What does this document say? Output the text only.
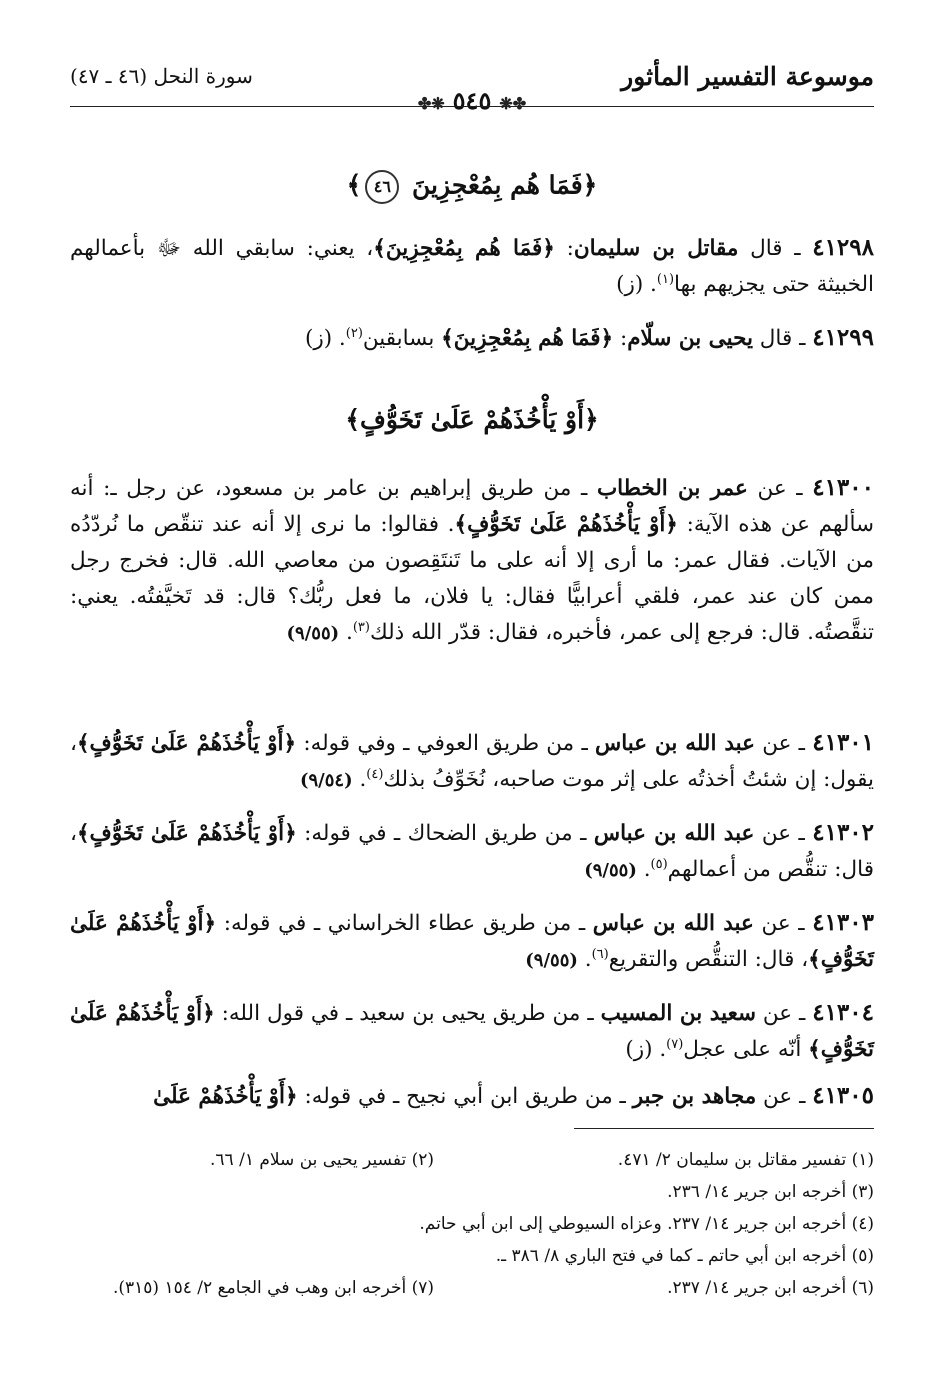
موسوعة التفسير المأثور
سورة النحل (٤٦ ـ ٤٧)
✤❋ ٥٤٥ ❋✤
﴿فَمَا هُم بِمُعْجِزِينَ ٤٦﴾
٤١٢٩٨ ـ قال مقاتل بن سليمان: ﴿فَمَا هُم بِمُعْجِزِينَ﴾، يعني: سابقي الله ﷻ بأعمالهم الخبيثة حتى يجزيهم بها$^{(١)}$. (ز)
٤١٢٩٩ ـ قال يحيى بن سلّام: ﴿فَمَا هُم بِمُعْجِزِينَ﴾ بسابقين$^{(٢)}$. (ز)
﴿أَوْ يَأْخُذَهُمْ عَلَىٰ تَخَوُّفٍ﴾
٤١٣٠٠ ـ عن عمر بن الخطاب ـ من طريق إبراهيم بن عامر بن مسعود، عن رجل ـ: أنه سألهم عن هذه الآية: ﴿أَوْ يَأْخُذَهُمْ عَلَىٰ تَخَوُّفٍ﴾. فقالوا: ما نرى إلا أنه عند تنقّص ما نُردّدُه من الآيات. فقال عمر: ما أرى إلا أنه على ما تَنتَقِصون من معاصي الله. قال: فخرج رجل ممن كان عند عمر، فلقي أعرابيًّا فقال: يا فلان، ما فعل ربُّك؟ قال: قد تَخيَّفتُه. يعني: تنقَّصتُه. قال: فرجع إلى عمر، فأخبره، فقال: قدّر الله ذلك$^{(٣)}$. (٩/٥٥)
٤١٣٠١ ـ عن عبد الله بن عباس ـ من طريق العوفي ـ وفي قوله: ﴿أَوْ يَأْخُذَهُمْ عَلَىٰ تَخَوُّفٍ﴾، يقول: إن شئتُ أخذتُه على إثر موت صاحبه، نُخَوِّفُ بذلك$^{(٤)}$. (٩/٥٤)
٤١٣٠٢ ـ عن عبد الله بن عباس ـ من طريق الضحاك ـ في قوله: ﴿أَوْ يَأْخُذَهُمْ عَلَىٰ تَخَوُّفٍ﴾، قال: تنقُّص من أعمالهم$^{(٥)}$. (٩/٥٥)
٤١٣٠٣ ـ عن عبد الله بن عباس ـ من طريق عطاء الخراساني ـ في قوله: ﴿أَوْ يَأْخُذَهُمْ عَلَىٰ تَخَوُّفٍ﴾، قال: التنقُّص والتقريع$^{(٦)}$. (٩/٥٥)
٤١٣٠٤ ـ عن سعيد بن المسيب ـ من طريق يحيى بن سعيد ـ في قول الله: ﴿أَوْ يَأْخُذَهُمْ عَلَىٰ تَخَوُّفٍ﴾ أنّه على عجل$^{(٧)}$. (ز)
٤١٣٠٥ ـ عن مجاهد بن جبر ـ من طريق ابن أبي نجيح ـ في قوله: ﴿أَوْ يَأْخُذَهُمْ عَلَىٰ
(١) تفسير مقاتل بن سليمان ٢/ ٤٧١.
(٢) تفسير يحيى بن سلام ١/ ٦٦.
(٣) أخرجه ابن جرير ١٤/ ٢٣٦.
(٤) أخرجه ابن جرير ١٤/ ٢٣٧. وعزاه السيوطي إلى ابن أبي حاتم.
(٥) أخرجه ابن أبي حاتم ـ كما في فتح الباري ٨/ ٣٨٦ ـ.
(٦) أخرجه ابن جرير ١٤/ ٢٣٧.
(٧) أخرجه ابن وهب في الجامع ٢/ ١٥٤ (٣١٥).
